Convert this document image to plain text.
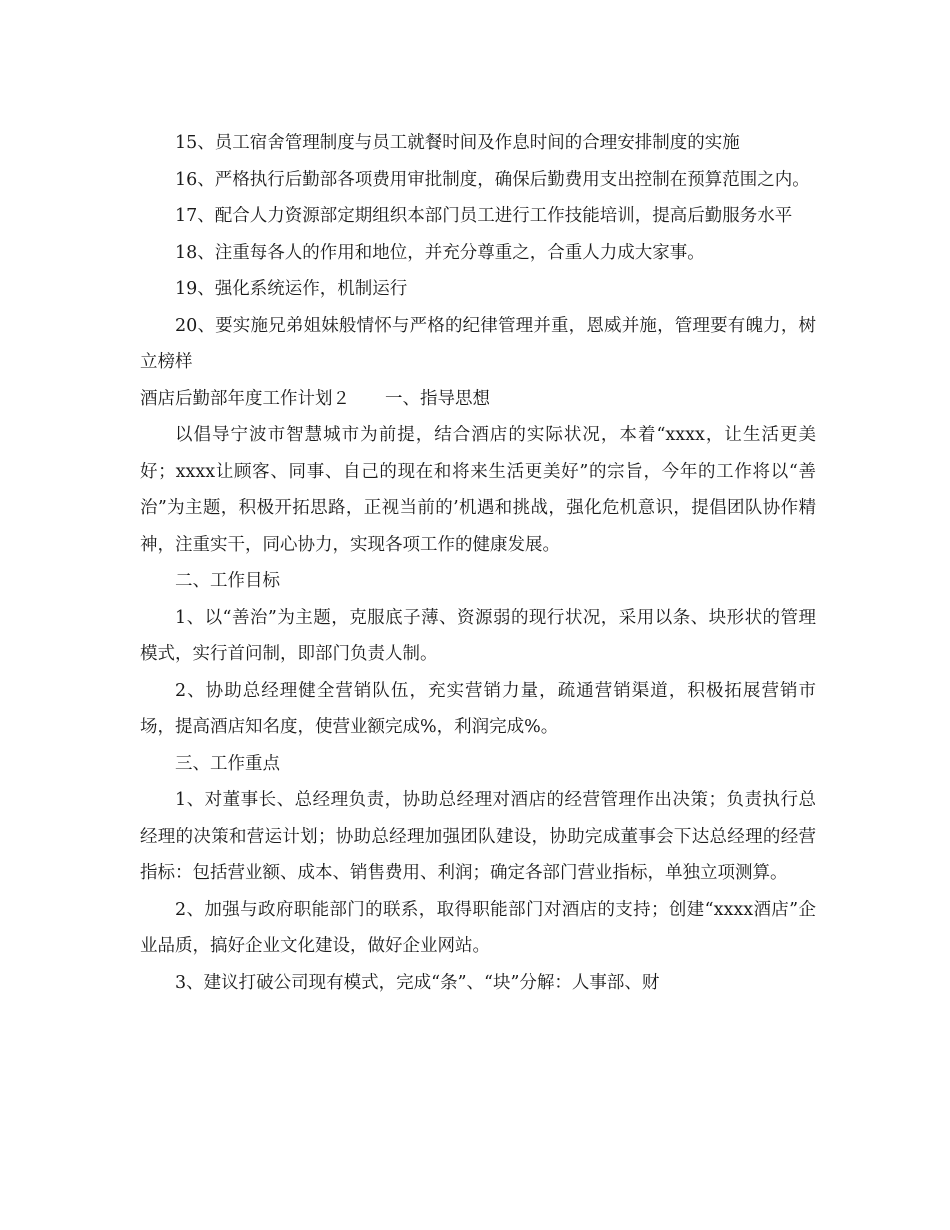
15、员工宿舍管理制度与员工就餐时间及作息时间的合理安排制度的实施

16、严格执行后勤部各项费用审批制度，确保后勤费用支出控制在预算范围之内。

17、配合人力资源部定期组织本部门员工进行工作技能培训，提高后勤服务水平

18、注重每各人的作用和地位，并充分尊重之，合重人力成大家事。

19、强化系统运作，机制运行

20、要实施兄弟姐妹般情怀与严格的纪律管理并重，恩威并施，管理要有魄力，树立榜样

酒店后勤部年度工作计划２　　一、指导思想

以倡导宁波市智慧城市为前提，结合酒店的实际状况，本着“xxxx，让生活更美好；xxxx让顾客、同事、自己的现在和将来生活更美好”的宗旨，今年的工作将以“善治”为主题，积极开拓思路，正视当前的’机遇和挑战，强化危机意识，提倡团队协作精神，注重实干，同心协力，实现各项工作的健康发展。

二、工作目标

1、以“善治”为主题，克服底子薄、资源弱的现行状况，采用以条、块形状的管理模式，实行首问制，即部门负责人制。

2、协助总经理健全营销队伍，充实营销力量，疏通营销渠道，积极拓展营销市场，提高酒店知名度，使营业额完成%，利润完成%。

三、工作重点

1、对董事长、总经理负责，协助总经理对酒店的经营管理作出决策；负责执行总经理的决策和营运计划；协助总经理加强团队建设，协助完成董事会下达总经理的经营指标：包括营业额、成本、销售费用、利润；确定各部门营业指标，单独立项测算。

2、加强与政府职能部门的联系，取得职能部门对酒店的支持；创建“xxxx酒店”企业品质，搞好企业文化建设，做好企业网站。

3、建议打破公司现有模式，完成“条”、“块”分解：人事部、财
